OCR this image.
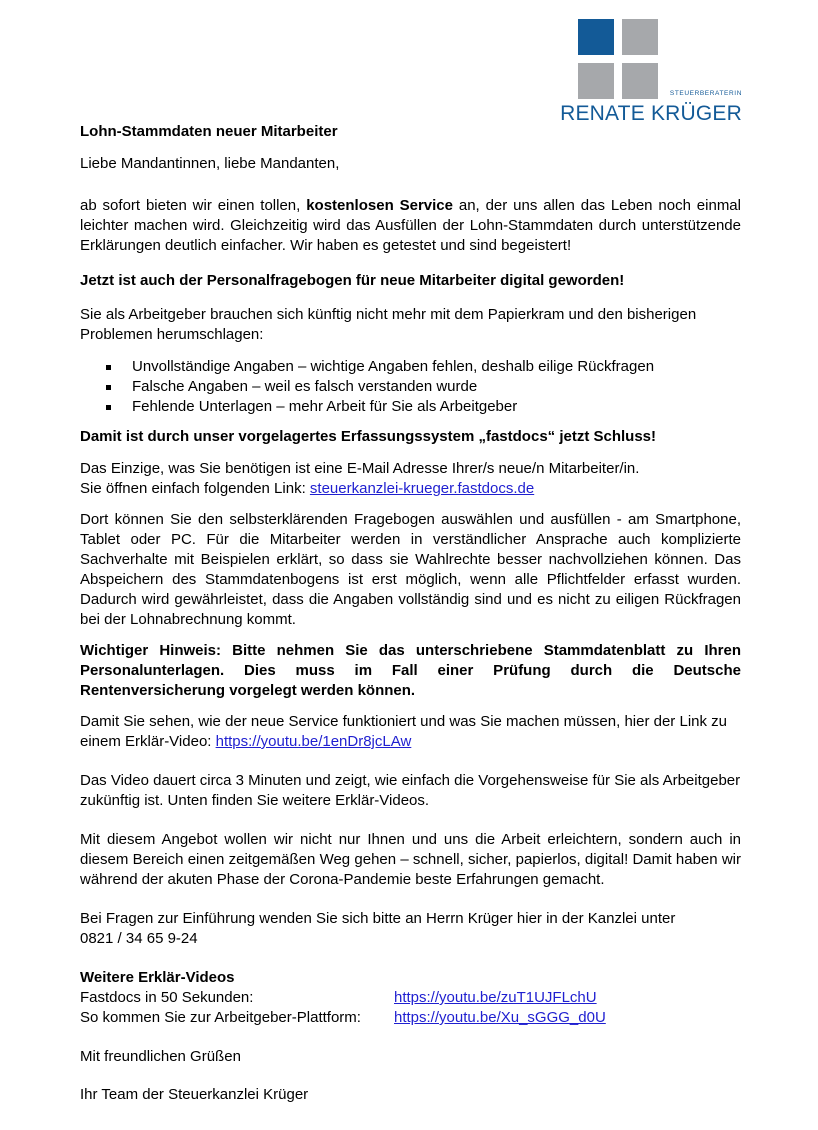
STEUERBERATERIN
RENATE KRÜGER

Lohn-Stammdaten neuer Mitarbeiter

Liebe Mandantinnen, liebe Mandanten,

ab sofort bieten wir einen tollen, kostenlosen Service an, der uns allen das Leben noch einmal leichter machen wird. Gleichzeitig wird das Ausfüllen der Lohn-Stammdaten durch unterstützende Erklärungen deutlich einfacher. Wir haben es getestet und sind begeistert!

Jetzt ist auch der Personalfragebogen für neue Mitarbeiter digital geworden!

Sie als Arbeitgeber brauchen sich künftig nicht mehr mit dem Papierkram und den bisherigen Problemen herumschlagen:

Unvollständige Angaben – wichtige Angaben fehlen, deshalb eilige Rückfragen
Falsche Angaben – weil es falsch verstanden wurde
Fehlende Unterlagen – mehr Arbeit für Sie als Arbeitgeber

Damit ist durch unser vorgelagertes Erfassungssystem „fastdocs“ jetzt Schluss!

Das Einzige, was Sie benötigen ist eine E-Mail Adresse Ihrer/s neue/n Mitarbeiter/in.
Sie öffnen einfach folgenden Link: steuerkanzlei-krueger.fastdocs.de

Dort können Sie den selbsterklärenden Fragebogen auswählen und ausfüllen - am Smartphone, Tablet oder PC. Für die Mitarbeiter werden in verständlicher Ansprache auch komplizierte Sachverhalte mit Beispielen erklärt, so dass sie Wahlrechte besser nachvollziehen können. Das Abspeichern des Stammdatenbogens ist erst möglich, wenn alle Pflichtfelder erfasst wurden. Dadurch wird gewährleistet, dass die Angaben vollständig sind und es nicht zu eiligen Rückfragen bei der Lohnabrechnung kommt.

Wichtiger Hinweis: Bitte nehmen Sie das unterschriebene Stammdatenblatt zu Ihren Personalunterlagen. Dies muss im Fall einer Prüfung durch die Deutsche Rentenversicherung vorgelegt werden können.

Damit Sie sehen, wie der neue Service funktioniert und was Sie machen müssen, hier der Link zu einem Erklär-Video: https://youtu.be/1enDr8jcLAw

Das Video dauert circa 3 Minuten und zeigt, wie einfach die Vorgehensweise für Sie als Arbeitgeber zukünftig ist. Unten finden Sie weitere Erklär-Videos.

Mit diesem Angebot wollen wir nicht nur Ihnen und uns die Arbeit erleichtern, sondern auch in diesem Bereich einen zeitgemäßen Weg gehen – schnell, sicher, papierlos, digital! Damit haben wir während der akuten Phase der Corona-Pandemie beste Erfahrungen gemacht.

Bei Fragen zur Einführung wenden Sie sich bitte an Herrn Krüger hier in der Kanzlei unter
0821 / 34 65 9-24

Weitere Erklär-Videos

Fastdocs in 50 Sekunden:	https://youtu.be/zuT1UJFLchU
So kommen Sie zur Arbeitgeber-Plattform:	https://youtu.be/Xu_sGGG_d0U

Mit freundlichen Grüßen

Ihr Team der Steuerkanzlei Krüger
